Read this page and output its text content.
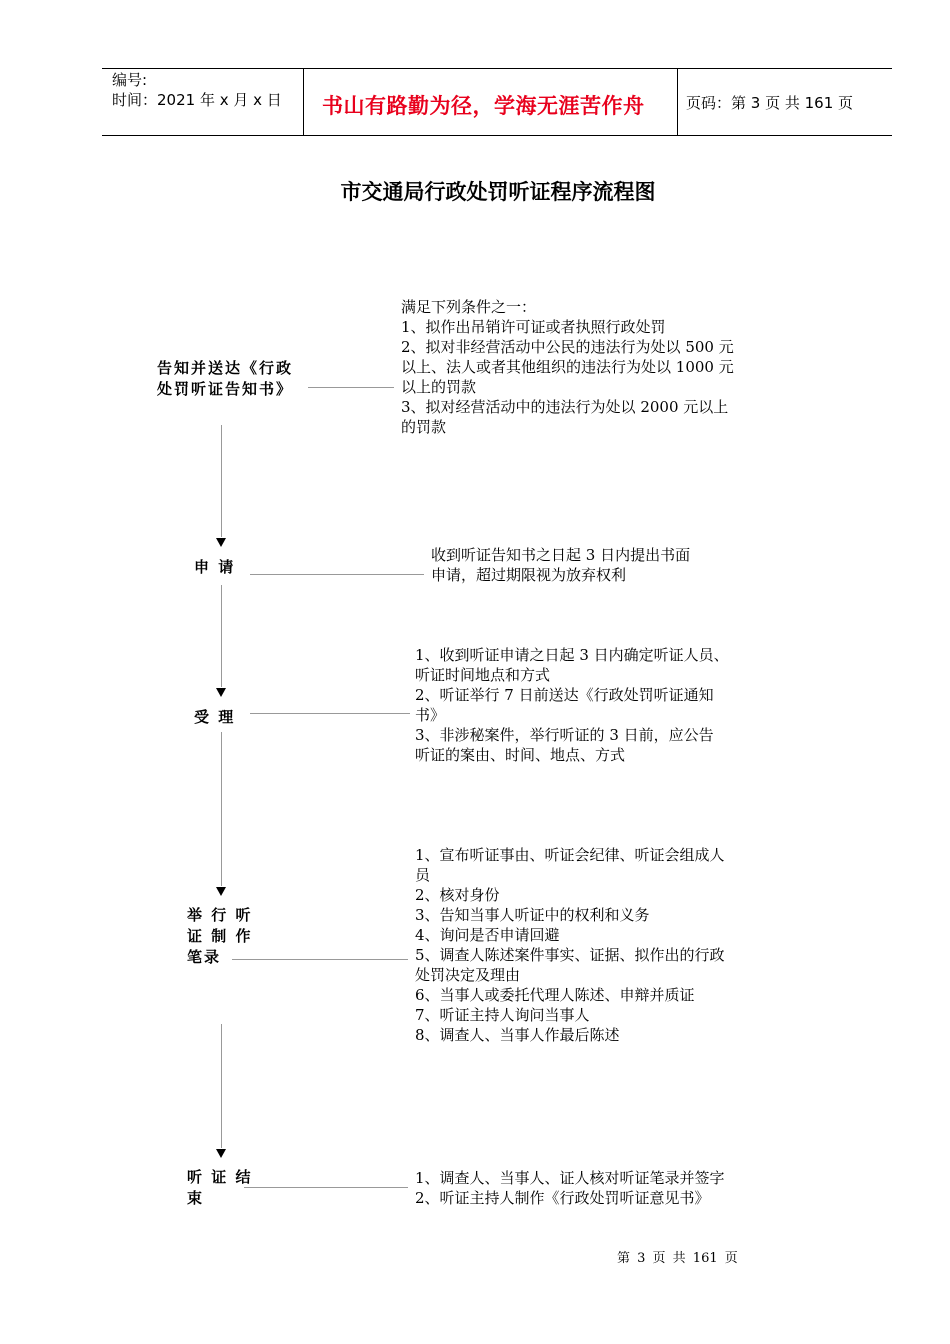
编号:
时间：2021 年 x 月 x 日 书山有路勤为径，学海无涯苦作舟	页码：第 3 页 共 161 页
市交通局行政处罚听证程序流程图
告知并送达《行政
处罚听证告知书》
满足下列条件之一：
1、拟作出吊销许可证或者执照行政处罚
2、拟对非经营活动中公民的违法行为处以 500 元
以上、法人或者其他组织的违法行为处以 1000 元
以上的罚款
3、拟对经营活动中的违法行为处以 2000 元以上
的罚款
申 请
收到听证告知书之日起 3 日内提出书面
申请，超过期限视为放弃权利
受 理
1、收到听证申请之日起 3 日内确定听证人员、
听证时间地点和方式
2、听证举行 7 日前送达《行政处罚听证通知
书》
3、非涉秘案件，举行听证的 3 日前，应公告
听证的案由、时间、地点、方式
举 行 听
证 制 作
笔录
1、宣布听证事由、听证会纪律、听证会组成人
员
2、核对身份
3、告知当事人听证中的权利和义务
4、询问是否申请回避
5、调查人陈述案件事实、证据、拟作出的行政
处罚决定及理由
6、当事人或委托代理人陈述、申辩并质证
7、听证主持人询问当事人
8、调查人、当事人作最后陈述
听 证 结
束
1、调查人、当事人、证人核对听证笔录并签字
2、听证主持人制作《行政处罚听证意见书》
第 3 页 共 161 页
